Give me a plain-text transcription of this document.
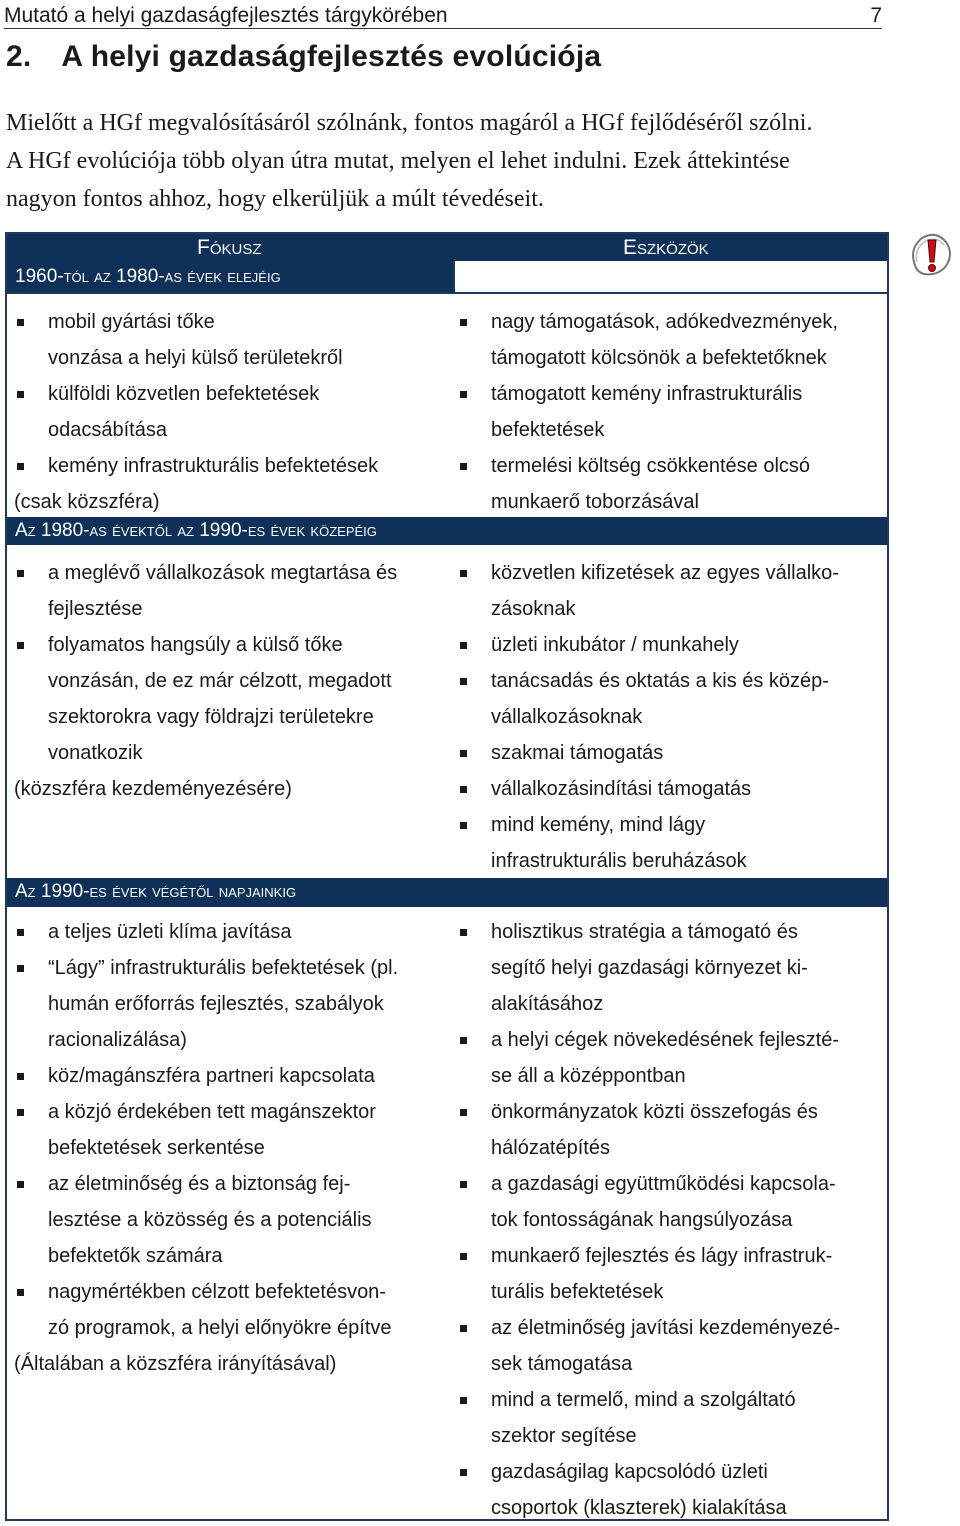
Mutató a helyi gazdaságfejlesztés tárgykörében	7
2. A helyi gazdaságfejlesztés evolúciója
Mielőtt a HGf megvalósításáról szólnánk, fontos magáról a HGf fejlődéséről szólni.
A HGf evolúciója több olyan útra mutat, melyen el lehet indulni. Ezek áttekintése
nagyon fontos ahhoz, hogy elkerüljük a múlt tévedéseit.
Fókusz	Eszközök
1960-tól az 1980-as évek elejéig
mobil gyártási tőke
vonzása a helyi külső területekről
külföldi közvetlen befektetések
odacsábítása
kemény infrastrukturális befektetések
(csak közszféra)
nagy támogatások, adókedvezmények,
támogatott kölcsönök a befektetőknek
támogatott kemény infrastrukturális
befektetések
termelési költség csökkentése olcsó
munkaerő toborzásával
Az 1980-as évektől az 1990-es évek közepéig
a meglévő vállalkozások megtartása és
fejlesztése
folyamatos hangsúly a külső tőke
vonzásán, de ez már célzott, megadott
szektorokra vagy földrajzi területekre
vonatkozik
(közszféra kezdeményezésére)
közvetlen kifizetések az egyes vállalko-
zásoknak
üzleti inkubátor / munkahely
tanácsadás és oktatás a kis és közép-
vállalkozásoknak
szakmai támogatás
vállalkozásindítási támogatás
mind kemény, mind lágy
infrastrukturális beruházások
Az 1990-es évek végétől napjainkig
a teljes üzleti klíma javítása
“Lágy” infrastrukturális befektetések (pl.
humán erőforrás fejlesztés, szabályok
racionalizálása)
köz/magánszféra partneri kapcsolata
a közjó érdekében tett magánszektor
befektetések serkentése
az életminőség és a biztonság fej-
lesztése a közösség és a potenciális
befektetők számára
nagymértékben célzott befektetésvon-
zó programok, a helyi előnyökre építve
(Általában a közszféra irányításával)
holisztikus stratégia a támogató és
segítő helyi gazdasági környezet ki-
alakításához
a helyi cégek növekedésének fejleszté-
se áll a középpontban
önkormányzatok közti összefogás és
hálózatépítés
a gazdasági együttműködési kapcsola-
tok fontosságának hangsúlyozása
munkaerő fejlesztés és lágy infrastruk-
turális befektetések
az életminőség javítási kezdeményezé-
sek támogatása
mind a termelő, mind a szolgáltató
szektor segítése
gazdaságilag kapcsolódó üzleti
csoportok (klaszterek) kialakítása
